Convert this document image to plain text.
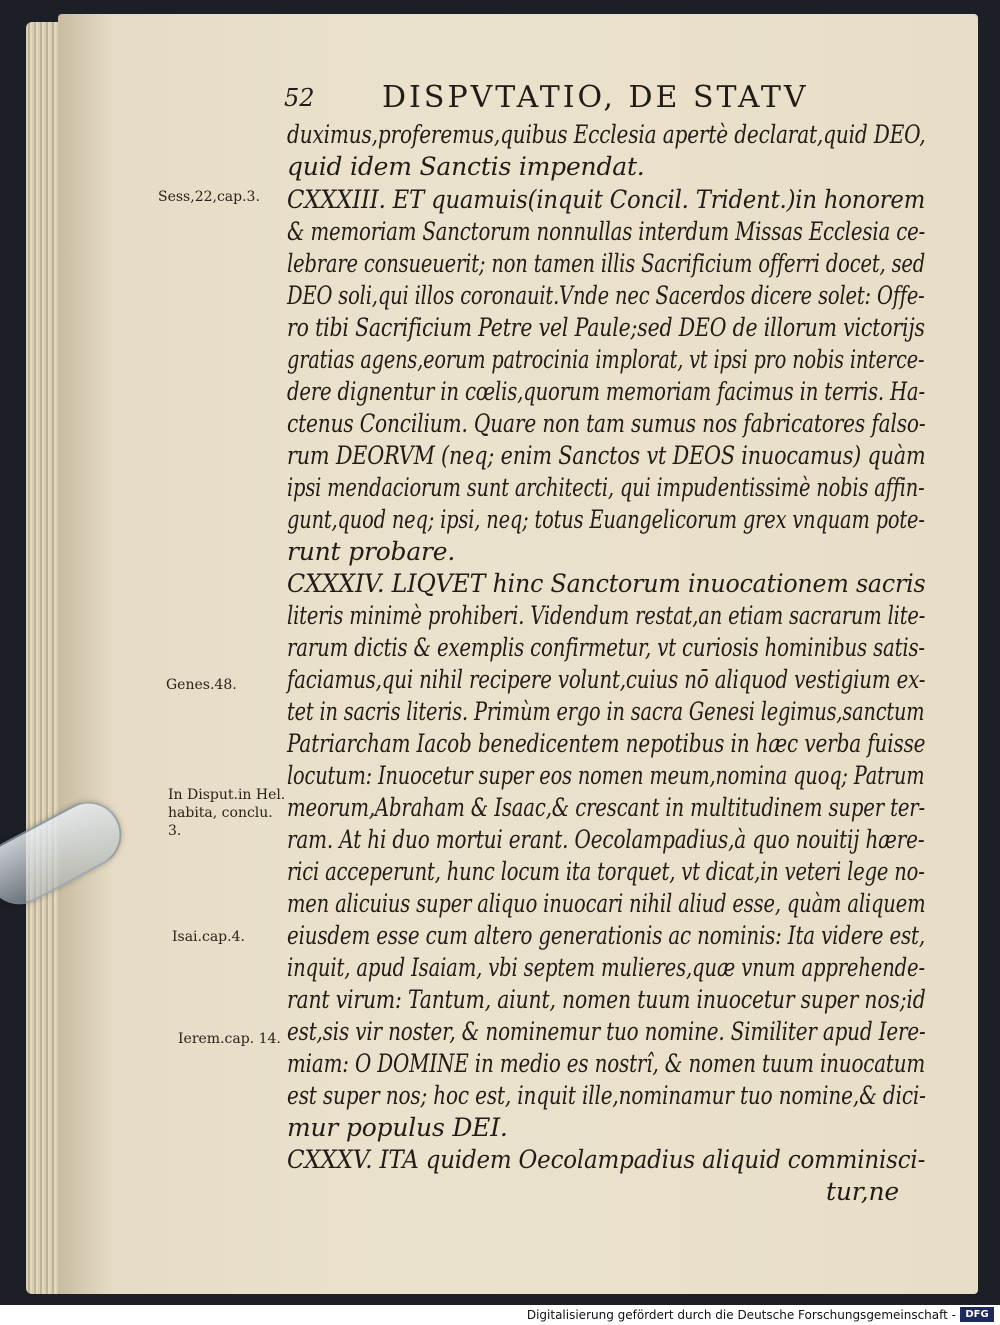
52 DISPVTATIO, DE STATV
Sess,22,cap.3.
Genes.48.
In Disput.in Hel. habita, conclu. 3.
Isai.cap.4.
Ierem.cap. 14.
duximus,proferemus,quibus Ecclesia apertè declarat,quid DEO,
quid idem Sanctis impendat.
CXXXIII. ET quamuis(inquit Concil. Trident.)in honorem
& memoriam Sanctorum nonnullas interdum Missas Ecclesia ce-
lebrare consueuerit; non tamen illis Sacrificium offerri docet, sed
DEO soli,qui illos coronauit.Vnde nec Sacerdos dicere solet: Offe-
ro tibi Sacrificium Petre vel Paule;sed DEO de illorum victorijs
gratias agens,eorum patrocinia implorat, vt ipsi pro nobis interce-
dere dignentur in cœlis,quorum memoriam facimus in terris. Ha-
ctenus Concilium. Quare non tam sumus nos fabricatores falso-
rum DEORVM (neq; enim Sanctos vt DEOS inuocamus) quàm
ipsi mendaciorum sunt architecti, qui impudentissimè nobis affin-
gunt,quod neq; ipsi, neq; totus Euangelicorum grex vnquam pote-
runt probare.
CXXXIV. LIQVET hinc Sanctorum inuocationem sacris
literis minimè prohiberi. Videndum restat,an etiam sacrarum lite-
rarum dictis & exemplis confirmetur, vt curiosis hominibus satis-
faciamus,qui nihil recipere volunt,cuius nō aliquod vestigium ex-
tet in sacris literis. Primùm ergo in sacra Genesi legimus,sanctum
Patriarcham Iacob benedicentem nepotibus in hæc verba fuisse
locutum: Inuocetur super eos nomen meum,nomina quoq; Patrum
meorum,Abraham & Isaac,& crescant in multitudinem super ter-
ram. At hi duo mortui erant. Oecolampadius,à quo nouitij hære-
rici acceperunt, hunc locum ita torquet, vt dicat,in veteri lege no-
men alicuius super aliquo inuocari nihil aliud esse, quàm aliquem
eiusdem esse cum altero generationis ac nominis: Ita videre est,
inquit, apud Isaiam, vbi septem mulieres,quæ vnum apprehende-
rant virum: Tantum, aiunt, nomen tuum inuocetur super nos;id
est,sis vir noster, & nominemur tuo nomine. Similiter apud Iere-
miam: O DOMINE in medio es nostrî, & nomen tuum inuocatum
est super nos; hoc est, inquit ille,nominamur tuo nomine,& dici-
mur populus DEI.
CXXXV. ITA quidem Oecolampadius aliquid comminisci-
tur,ne
Digitalisierung gefördert durch die Deutsche Forschungsgemeinschaft - DFG
